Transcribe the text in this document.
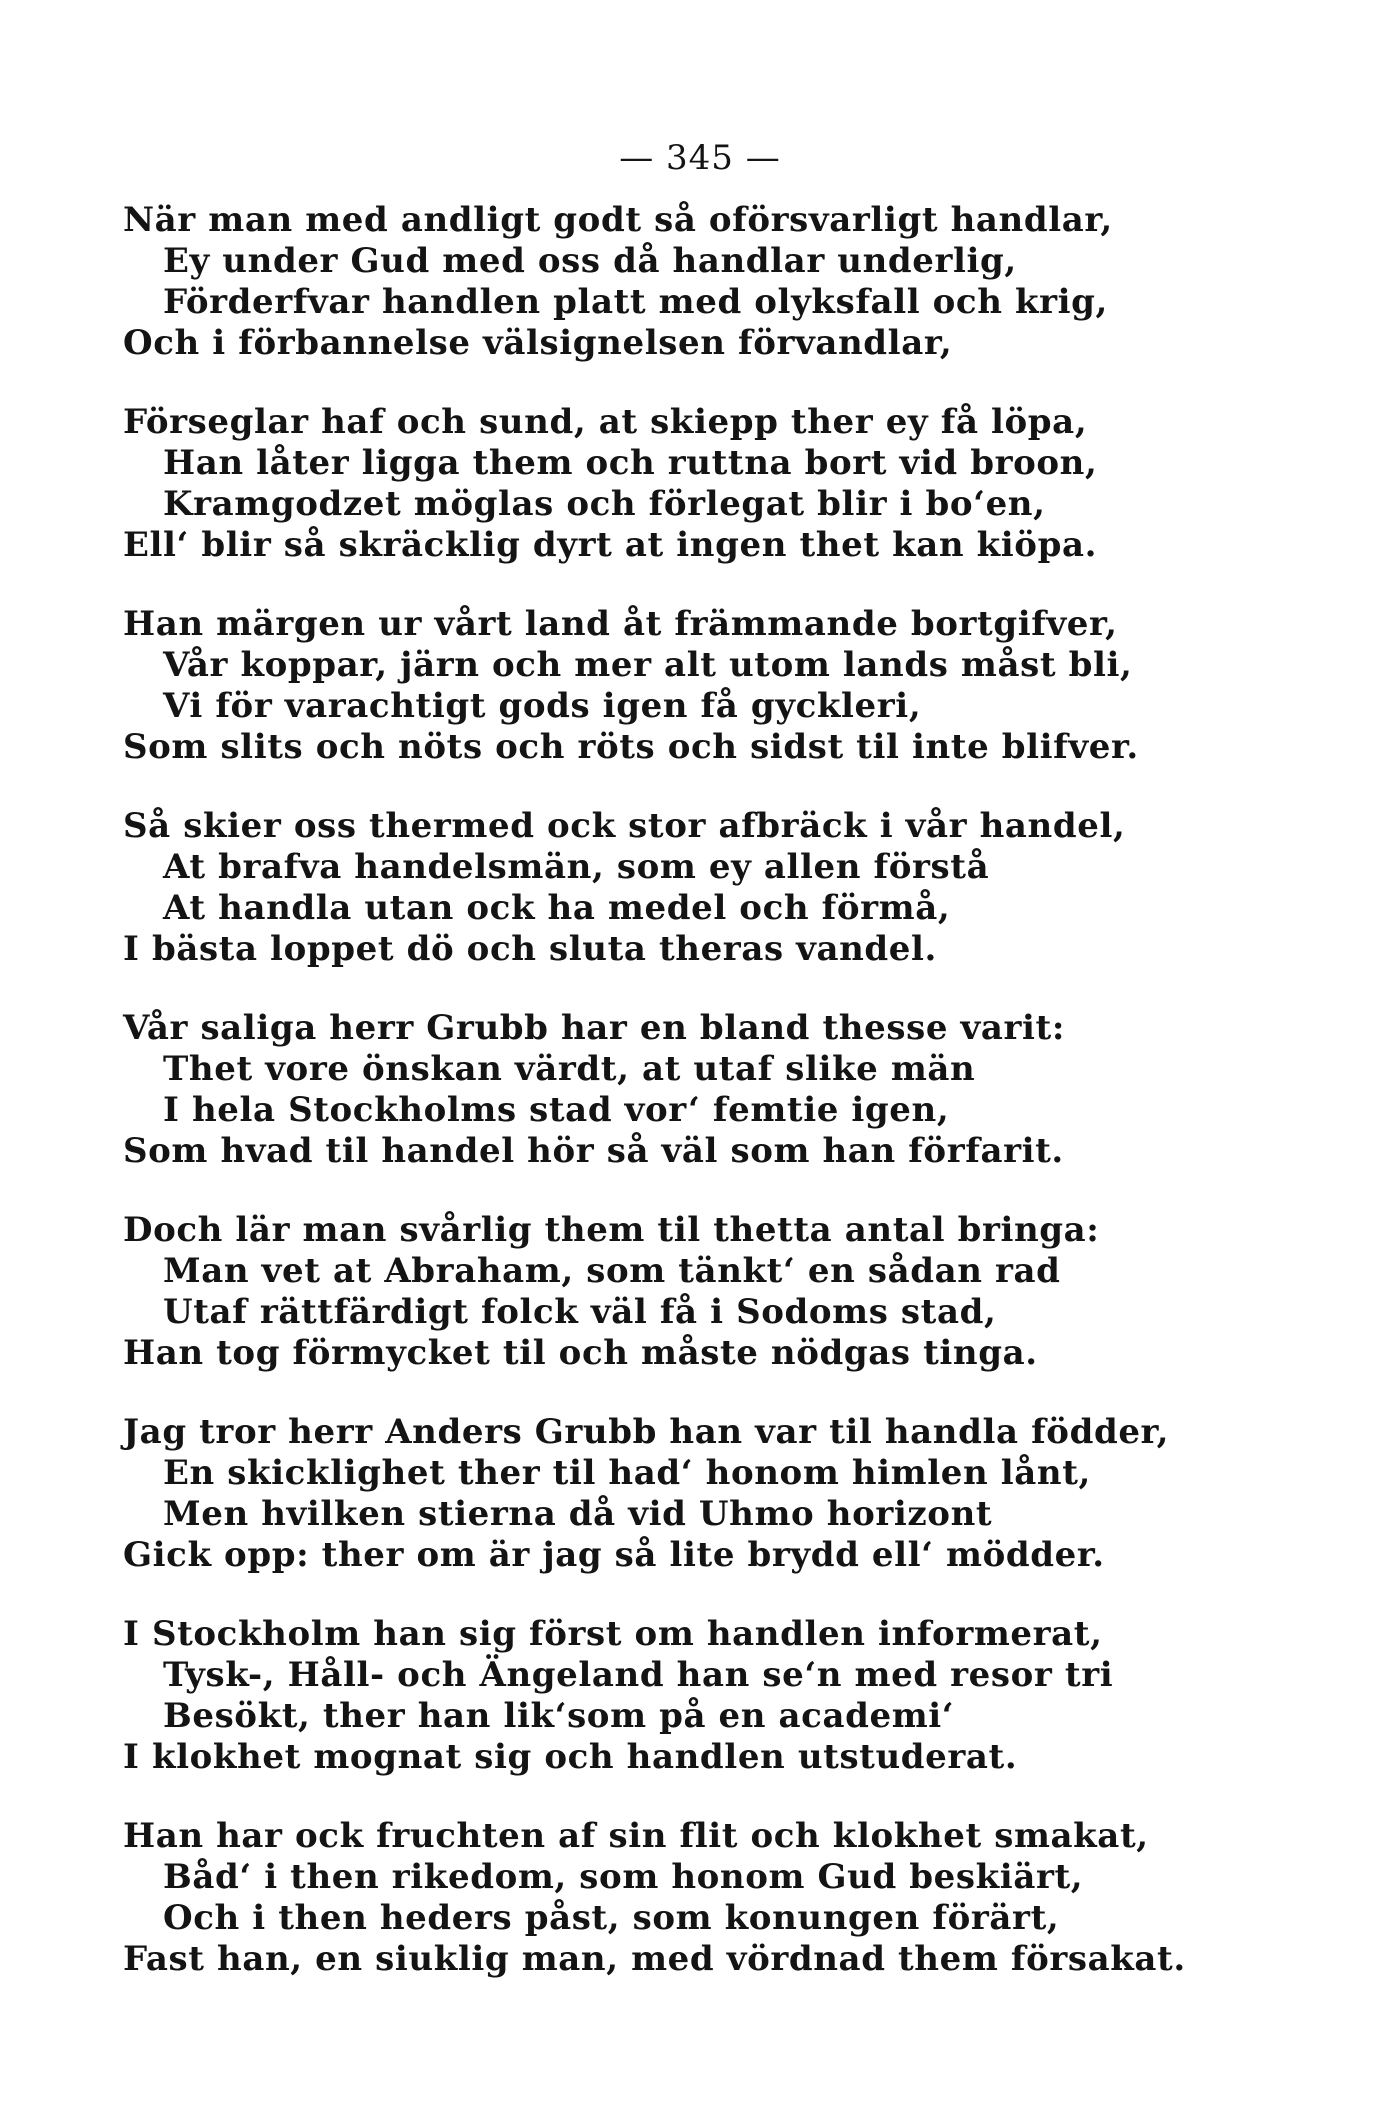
— 345 —
När man med andligt godt så oförsvarligt handlar,
Ey under Gud med oss då handlar underlig,
Förderfvar handlen platt med olyksfall och krig,
Och i förbannelse välsignelsen förvandlar,
Förseglar haf och sund, at skiepp ther ey få löpa,
Han låter ligga them och ruttna bort vid broon,
Kramgodzet möglas och förlegat blir i bo‘en,
Ell‘ blir så skräcklig dyrt at ingen thet kan kiöpa.
Han märgen ur vårt land åt främmande bortgifver,
Vår koppar, järn och mer alt utom lands måst bli,
Vi för varachtigt gods igen få gyckleri,
Som slits och nöts och röts och sidst til inte blifver.
Så skier oss thermed ock stor afbräck i vår handel,
At brafva handelsmän, som ey allen förstå
At handla utan ock ha medel och förmå,
I bästa loppet dö och sluta theras vandel.
Vår saliga herr Grubb har en bland thesse varit:
Thet vore önskan värdt, at utaf slike män
I hela Stockholms stad vor‘ femtie igen,
Som hvad til handel hör så väl som han förfarit.
Doch lär man svårlig them til thetta antal bringa:
Man vet at Abraham, som tänkt‘ en sådan rad
Utaf rättfärdigt folck väl få i Sodoms stad,
Han tog förmycket til och måste nödgas tinga.
Jag tror herr Anders Grubb han var til handla födder,
En skicklighet ther til had‘ honom himlen lånt,
Men hvilken stierna då vid Uhmo horizont
Gick opp: ther om är jag så lite brydd ell‘ mödder.
I Stockholm han sig först om handlen informerat,
Tysk-, Håll- och Ängeland han se‘n med resor tri
Besökt, ther han lik‘som på en academi‘
I klokhet mognat sig och handlen utstuderat.
Han har ock fruchten af sin flit och klokhet smakat,
Båd‘ i then rikedom, som honom Gud beskiärt,
Och i then heders påst, som konungen förärt,
Fast han, en siuklig man, med vördnad them försakat.
